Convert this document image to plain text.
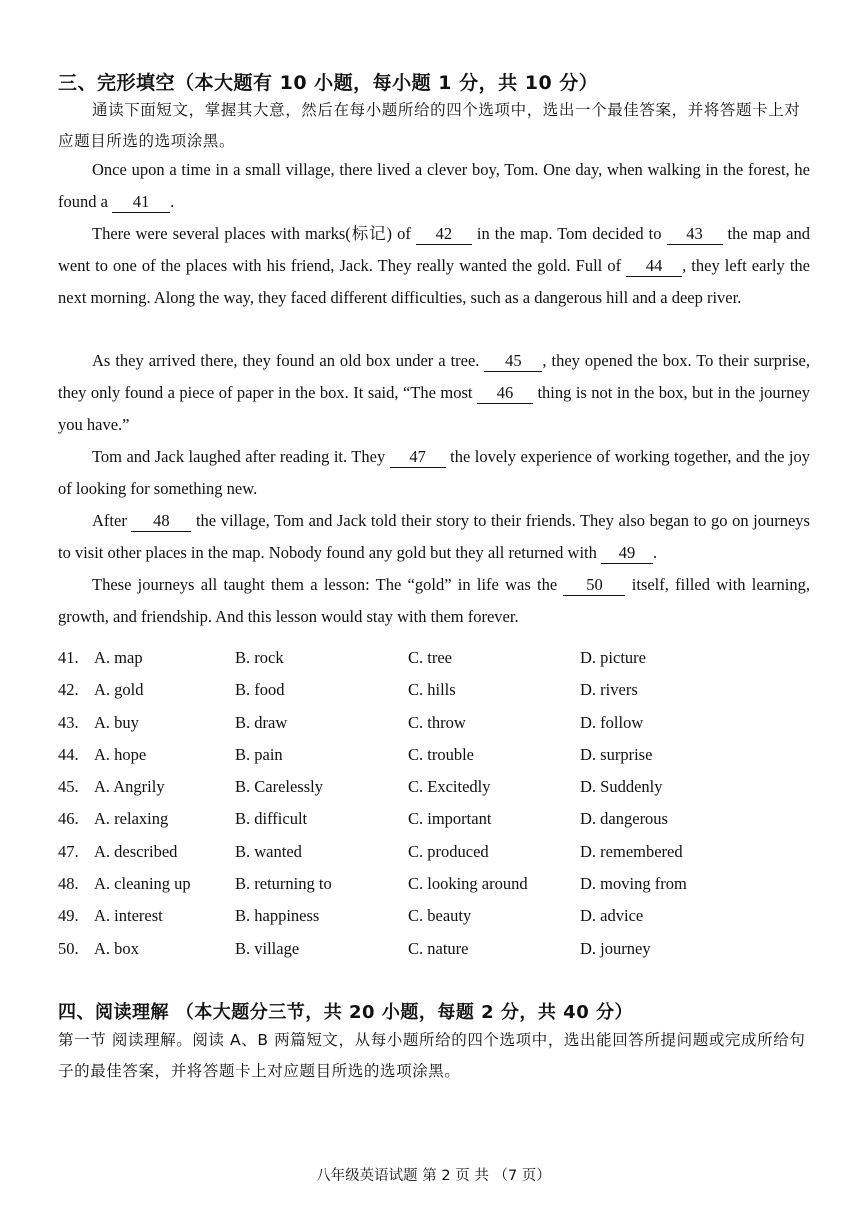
三、完形填空（本大题有 10 小题，每小题 1 分，共 10 分）
通读下面短文，掌握其大意，然后在每小题所给的四个选项中，选出一个最佳答案，并将答题卡上对应题目所选的选项涂黑。
Once upon a time in a small village, there lived a clever boy, Tom. One day, when walking in the forest, he found a 41 .
There were several places with marks(标记) of 42 in the map. Tom decided to 43 the map and went to one of the places with his friend, Jack. They really wanted the gold. Full of 44 , they left early the next morning. Along the way, they faced different difficulties, such as a dangerous hill and a deep river.
As they arrived there, they found an old box under a tree. 45 , they opened the box. To their surprise, they only found a piece of paper in the box. It said, “The most 46 thing is not in the box, but in the journey you have.”
Tom and Jack laughed after reading it. They 47 the lovely experience of working together, and the joy of looking for something new.
After 48 the village, Tom and Jack told their story to their friends. They also began to go on journeys to visit other places in the map. Nobody found any gold but they all returned with 49 .
These journeys all taught them a lesson: The “gold” in life was the 50 itself, filled with learning, growth, and friendship. And this lesson would stay with them forever.
41. A. map	B. rock	C. tree	D. picture
42. A. gold	B. food	C. hills	D. rivers
43. A. buy	B. draw	C. throw	D. follow
44. A. hope	B. pain	C. trouble	D. surprise
45. A. Angrily	B. Carelessly	C. Excitedly	D. Suddenly
46. A. relaxing	B. difficult	C. important	D. dangerous
47. A. described	B. wanted	C. produced	D. remembered
48. A. cleaning up	B. returning to	C. looking around	D. moving from
49. A. interest	B. happiness	C. beauty	D. advice
50. A. box	B. village	C. nature	D. journey
四、阅读理解 （本大题分三节，共 20 小题，每题 2 分，共 40 分）
第一节 阅读理解。阅读 A、B 两篇短文，从每小题所给的四个选项中，选出能回答所提问题或完成所给句子的最佳答案，并将答题卡上对应题目所选的选项涂黑。
八年级英语试题 第 2 页 共 （7 页）
